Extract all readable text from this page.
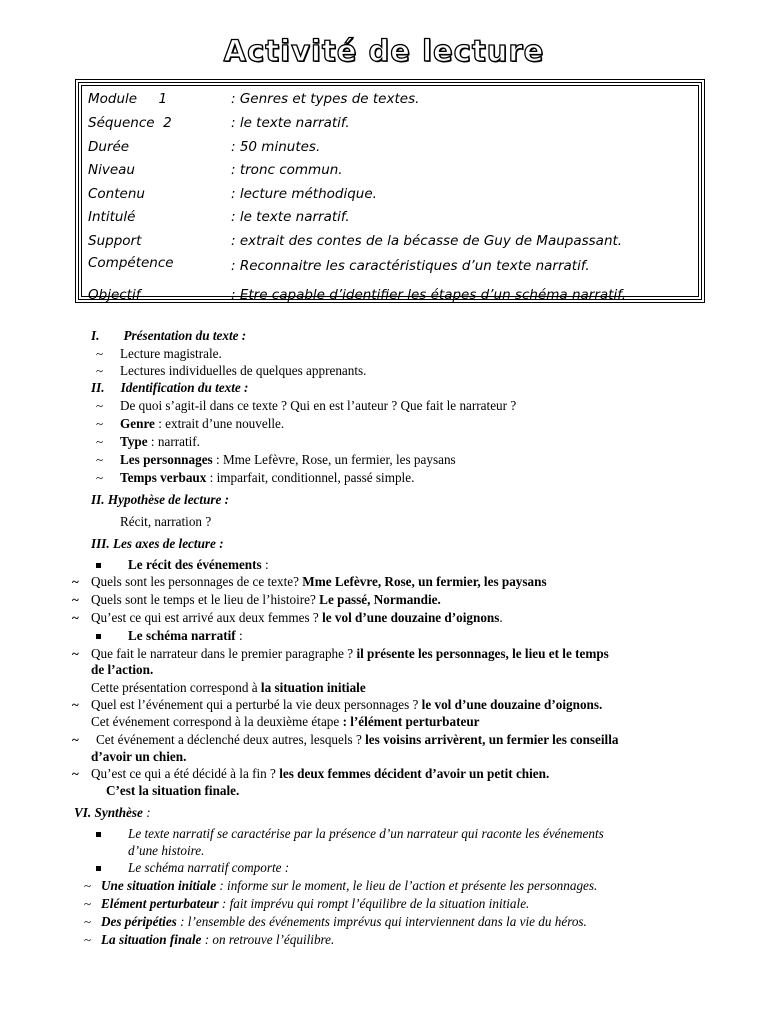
Activité de lecture
Module     1	: Genres et types de textes.
Séquence  2	: le texte narratif.
Durée	: 50 minutes.
Niveau	: tronc commun.
Contenu	: lecture méthodique.
Intitulé	: le texte narratif.
Support	: extrait des contes de la bécasse de Guy de Maupassant.
Compétence	: Reconnaitre les caractéristiques d’un texte narratif.
Objectif	: Etre capable d’identifier les étapes d’un schéma narratif.
I. Présentation du texte :
~ Lecture magistrale.
~ Lectures individuelles de quelques apprenants.
II. Identification du texte :
~ De quoi s’agit-il dans ce texte ? Qui en est l’auteur ? Que fait le narrateur ?
~ Genre : extrait d’une nouvelle.
~ Type : narratif.
~ Les personnages : Mme Lefèvre, Rose, un fermier, les paysans
~ Temps verbaux : imparfait, conditionnel, passé simple.
II. Hypothèse de lecture :
Récit, narration ?
III. Les axes de lecture :
Le récit des événements :
~ Quels sont les personnages de ce texte? Mme Lefèvre, Rose, un fermier, les paysans
~ Quels sont le temps et le lieu de l’histoire? Le passé, Normandie.
~ Qu’est ce qui est arrivé aux deux femmes ? le vol d’une douzaine d’oignons.
Le schéma narratif :
~ Que fait le narrateur dans le premier paragraphe ? il présente les personnages, le lieu et le temps
de l’action.
Cette présentation correspond à la situation initiale
~ Quel est l’événement qui a perturbé la vie deux personnages ? le vol d’une douzaine d’oignons.
Cet événement correspond à la deuxième étape : l’élément perturbateur
~ Cet événement a déclenché deux autres, lesquels ? les voisins arrivèrent, un fermier les conseilla
d’avoir un chien.
~ Qu’est ce qui a été décidé à la fin ? les deux femmes décident d’avoir un petit chien.
C’est la situation finale.
VI. Synthèse :
Le texte narratif se caractérise par la présence d’un narrateur qui raconte les événements
d’une histoire.
Le schéma narratif comporte :
~ Une situation initiale : informe sur le moment, le lieu de l’action et présente les personnages.
~ Elément perturbateur : fait imprévu qui rompt l’équilibre de la situation initiale.
~ Des péripéties : l’ensemble des événements imprévus qui interviennent dans la vie du héros.
~ La situation finale : on retrouve l’équilibre.
